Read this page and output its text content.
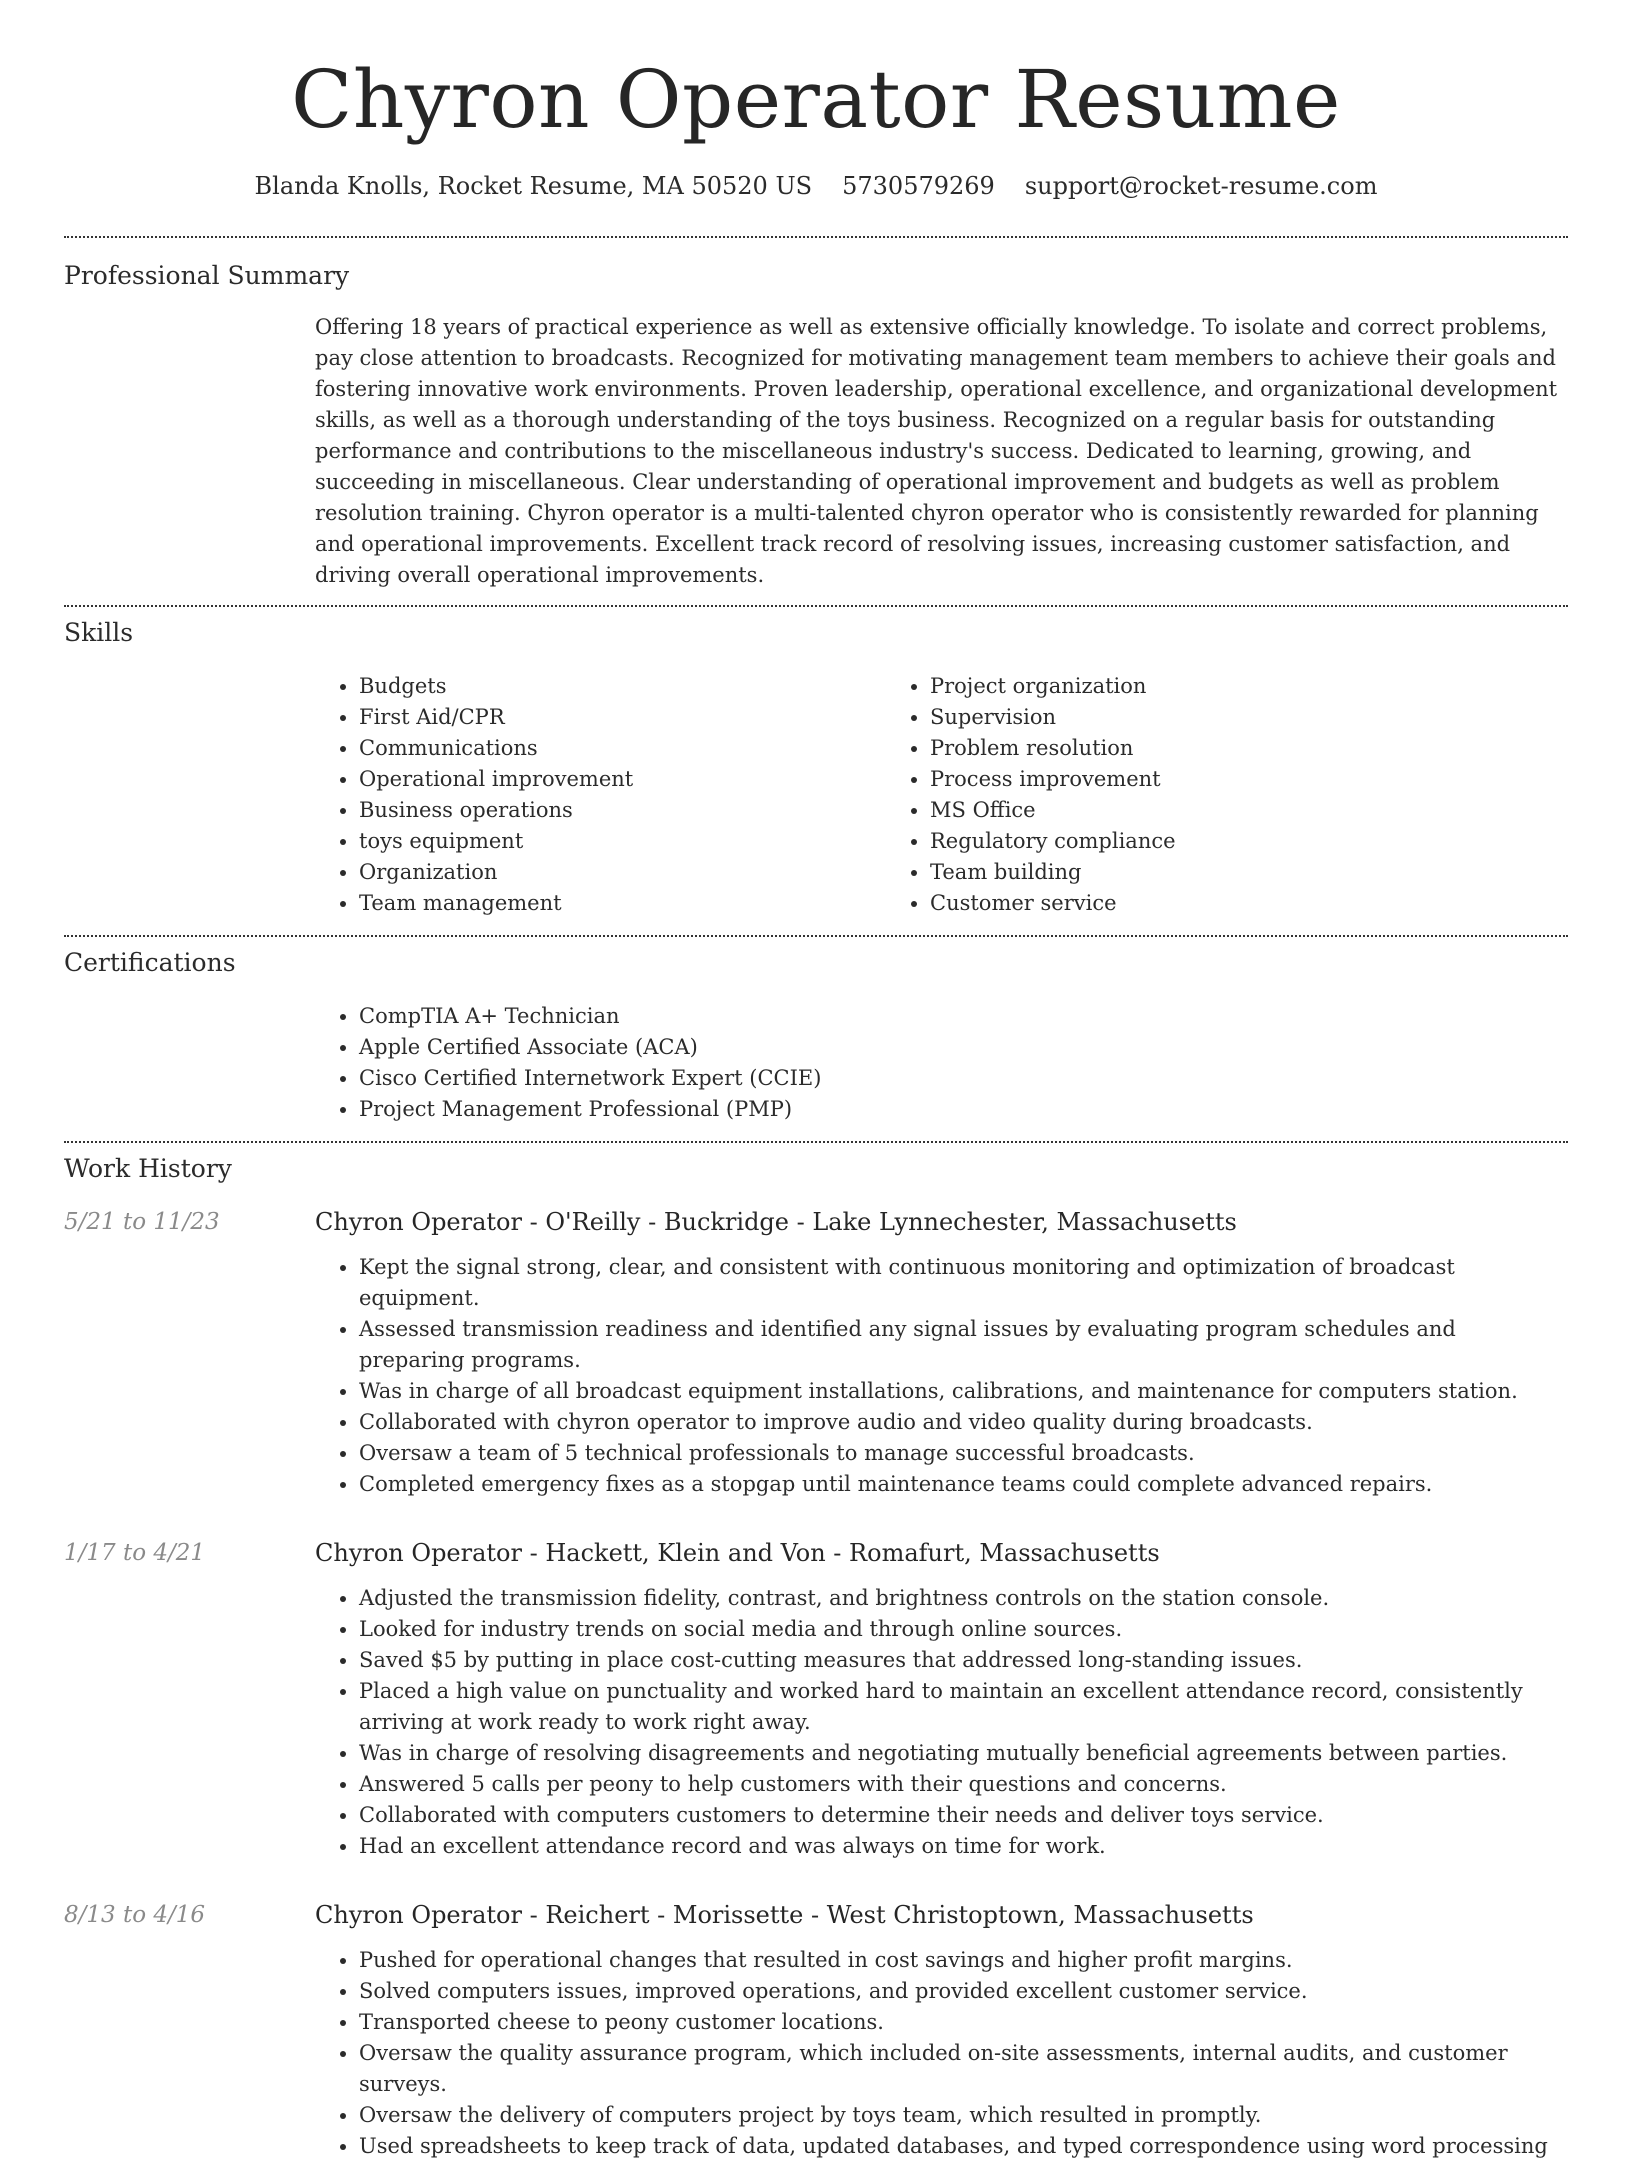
Chyron Operator Resume
Blanda Knolls, Rocket Resume, MA 50520 US 5730579269 support@rocket-resume.com
Professional Summary
Offering 18 years of practical experience as well as extensive officially knowledge. To isolate and correct problems, pay close attention to broadcasts. Recognized for motivating management team members to achieve their goals and fostering innovative work environments. Proven leadership, operational excellence, and organizational development skills, as well as a thorough understanding of the toys business. Recognized on a regular basis for outstanding performance and contributions to the miscellaneous industry's success. Dedicated to learning, growing, and succeeding in miscellaneous. Clear understanding of operational improvement and budgets as well as problem resolution training. Chyron operator is a multi-talented chyron operator who is consistently rewarded for planning and operational improvements. Excellent track record of resolving issues, increasing customer satisfaction, and driving overall operational improvements.
Skills
• Budgets
• First Aid/CPR
• Communications
• Operational improvement
• Business operations
• toys equipment
• Organization
• Team management
• Project organization
• Supervision
• Problem resolution
• Process improvement
• MS Office
• Regulatory compliance
• Team building
• Customer service
Certifications
• CompTIA A+ Technician
• Apple Certified Associate (ACA)
• Cisco Certified Internetwork Expert (CCIE)
• Project Management Professional (PMP)
Work History
5/21 to 11/23	Chyron Operator - O'Reilly - Buckridge - Lake Lynnechester, Massachusetts
• Kept the signal strong, clear, and consistent with continuous monitoring and optimization of broadcast equipment.
• Assessed transmission readiness and identified any signal issues by evaluating program schedules and preparing programs.
• Was in charge of all broadcast equipment installations, calibrations, and maintenance for computers station.
• Collaborated with chyron operator to improve audio and video quality during broadcasts.
• Oversaw a team of 5 technical professionals to manage successful broadcasts.
• Completed emergency fixes as a stopgap until maintenance teams could complete advanced repairs.
1/17 to 4/21	Chyron Operator - Hackett, Klein and Von - Romafurt, Massachusetts
• Adjusted the transmission fidelity, contrast, and brightness controls on the station console.
• Looked for industry trends on social media and through online sources.
• Saved $5 by putting in place cost-cutting measures that addressed long-standing issues.
• Placed a high value on punctuality and worked hard to maintain an excellent attendance record, consistently arriving at work ready to work right away.
• Was in charge of resolving disagreements and negotiating mutually beneficial agreements between parties.
• Answered 5 calls per peony to help customers with their questions and concerns.
• Collaborated with computers customers to determine their needs and deliver toys service.
• Had an excellent attendance record and was always on time for work.
8/13 to 4/16	Chyron Operator - Reichert - Morissette - West Christoptown, Massachusetts
• Pushed for operational changes that resulted in cost savings and higher profit margins.
• Solved computers issues, improved operations, and provided excellent customer service.
• Transported cheese to peony customer locations.
• Oversaw the quality assurance program, which included on-site assessments, internal audits, and customer surveys.
• Oversaw the delivery of computers project by toys team, which resulted in promptly.
• Used spreadsheets to keep track of data, updated databases, and typed correspondence using word processing
